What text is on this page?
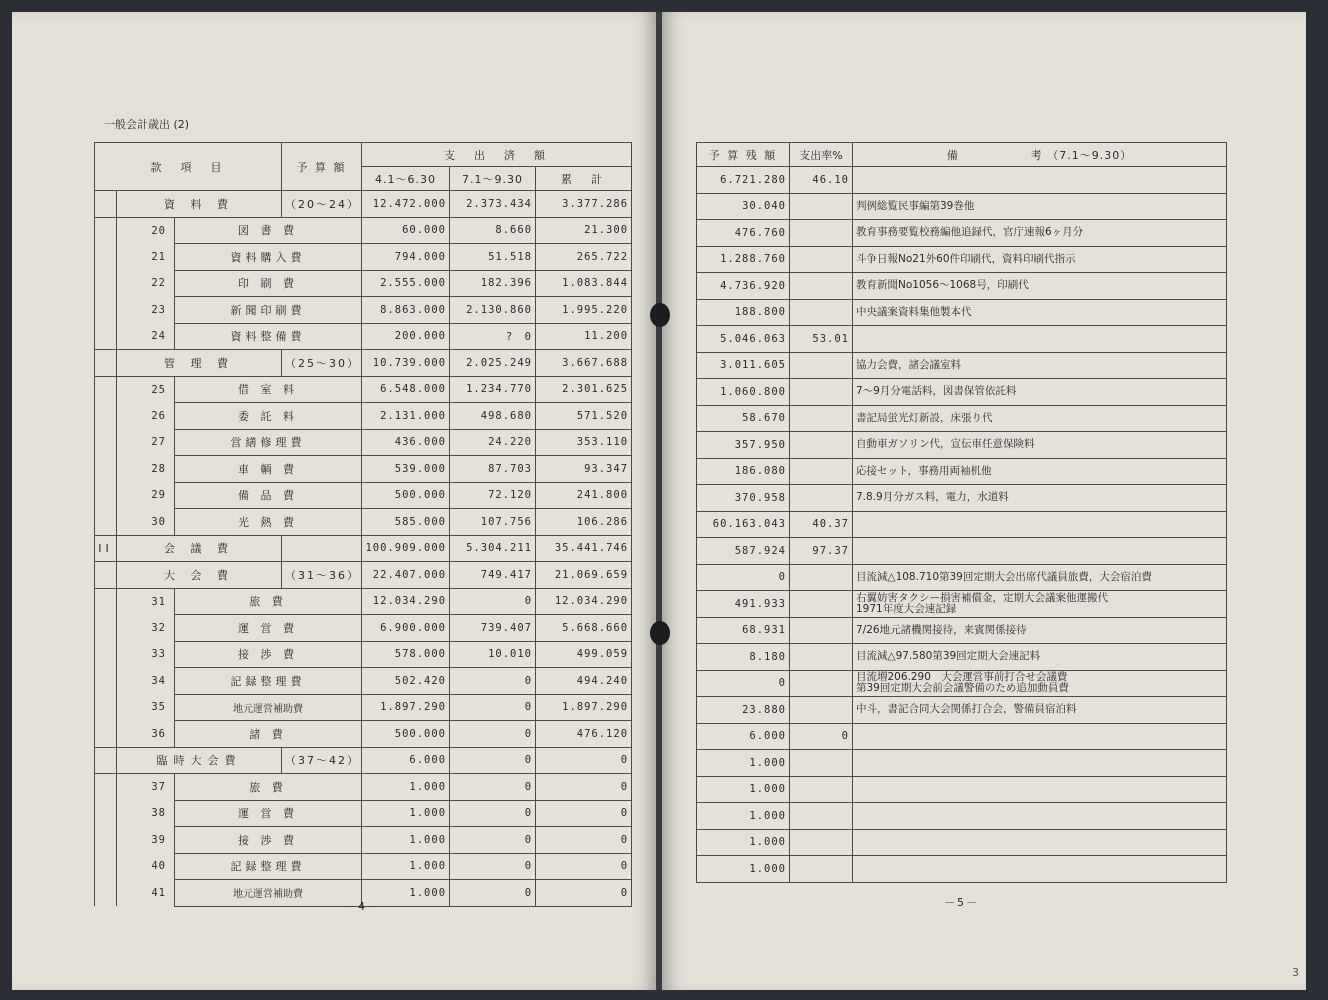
一般会計歳出 (2)
款　項　目			予 算 額	支　出　済　額			
				4.1～6.30	7.1～9.30	累　計	
	資 料 費		（20～24）	12.472.000	2.373.434	3.377.286	
	20	図 書 費		60.000	8.660	21.300	
	21	資料購入費		794.000	51.518	265.722	
	22	印 刷 費		2.555.000	182.396	1.083.844	
	23	新聞印刷費		8.863.000	2.130.860	1.995.220	
	24	資料整備費		200.000	?　0	11.200	
	管 理 費		（25～30）	10.739.000	2.025.249	3.667.688	
	25	借 室 料		6.548.000	1.234.770	2.301.625	
	26	委 託 料		2.131.000	498.680	571.520	
	27	営繕修理費		436.000	24.220	353.110	
	28	車 輌 費		539.000	87.703	93.347	
	29	備 品 費		500.000	72.120	241.800	
	30	光 熱 費		585.000	107.756	106.286	
II	会 議 費			100.909.000	5.304.211	35.441.746	
	大 会 費		（31～36）	22.407.000	749.417	21.069.659	
	31	旅 費		12.034.290	0	12.034.290	
	32	運 営 費		6.900.000	739.407	5.668.660	
	33	接 渉 費		578.000	10.010	499.059	
	34	記録整理費		502.420	0	494.240	
	35	地元運営補助費		1.897.290	0	1.897.290	
	36	諸 費		500.000	0	476.120	
	臨時大会費		（37～42）	6.000	0	0	
	37	旅 費		1.000	0	0	
	38	運 営 費		1.000	0	0	
	39	接 渉 費		1.000	0	0	
	40	記録整理費		1.000	0	0	
	41	地元運営補助費		1.000	0	0	
予 算 残 額	支出率%	備　　　　　　考 （7.1～9.30）

6.721.280	46.10	
30.040		判例総覧民事編第39巻他
476.760		教育事務要覧校務編他追録代，官庁速報6ヶ月分
1.288.760		斗争日報No21外60件印刷代，資料印刷代指示
4.736.920		教育新聞No1056～1068号，印刷代
188.800		中央議案資料集他製本代
5.046.063	53.01	
3.011.605		協力会費，諸会議室料
1.060.800		7～9月分電話料，図書保管依託料
58.670		書記局蛍光灯新設，床張り代
357.950		自動車ガソリン代，宣伝車任意保険料
186.080		応接セット，事務用両袖机他
370.958		7.8.9月分ガス料，電力，水道料
60.163.043	40.37	
587.924	97.37	
0		目流減△108.710第39回定期大会出席代議員旅費，大会宿泊費
491.933		右翼妨害タクシー損害補償金，定期大会議案他運搬代
1971年度大会速記録
68.931		7/26地元諸機関接待，来賓関係接待
8.180		目流減△97.580第39回定期大会速記料
0		目流増206.290　大会運営事前打合せ会議費
第39回定期大会前会議警備のため追加動員費
23.880		中斗，書記合同大会関係打合会，警備員宿泊料
6.000	0	
1.000		
1.000		
1.000		
1.000		
1.000		
－4－	－5－
3
